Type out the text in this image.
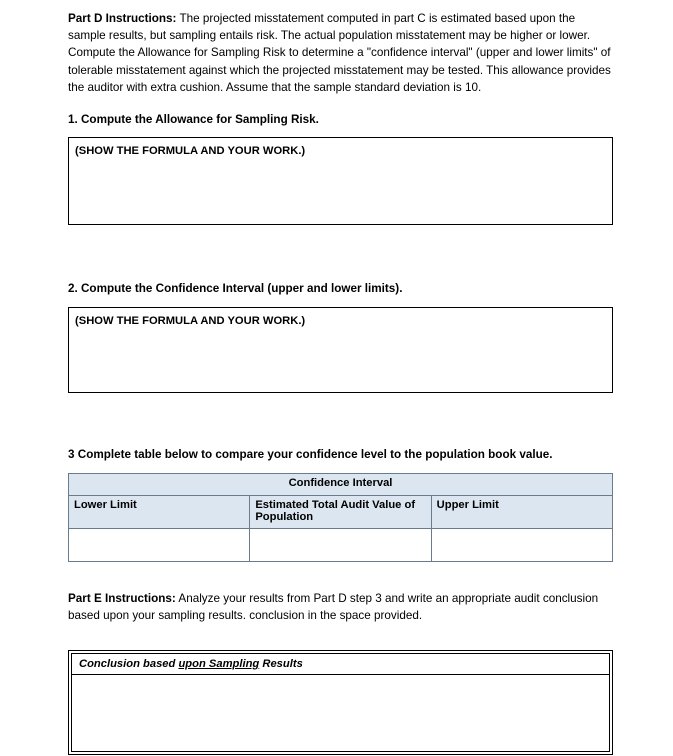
Part D Instructions: The projected misstatement computed in part C is estimated based upon the sample results, but sampling entails risk. The actual population misstatement may be higher or lower. Compute the Allowance for Sampling Risk to determine a "confidence interval" (upper and lower limits" of tolerable misstatement against which the projected misstatement may be tested. This allowance provides the auditor with extra cushion. Assume that the sample standard deviation is 10.

1. Compute the Allowance for Sampling Risk.
(SHOW THE FORMULA AND YOUR WORK.)
2. Compute the Confidence Interval (upper and lower limits).
(SHOW THE FORMULA AND YOUR WORK.)
3 Complete table below to compare your confidence level to the population book value.
Confidence Interval		
Lower Limit	Estimated Total Audit Value of Population	Upper Limit

Part E Instructions: Analyze your results from Part D step 3 and write an appropriate audit conclusion based upon your sampling results. conclusion in the space provided.

Conclusion based upon Sampling Results
